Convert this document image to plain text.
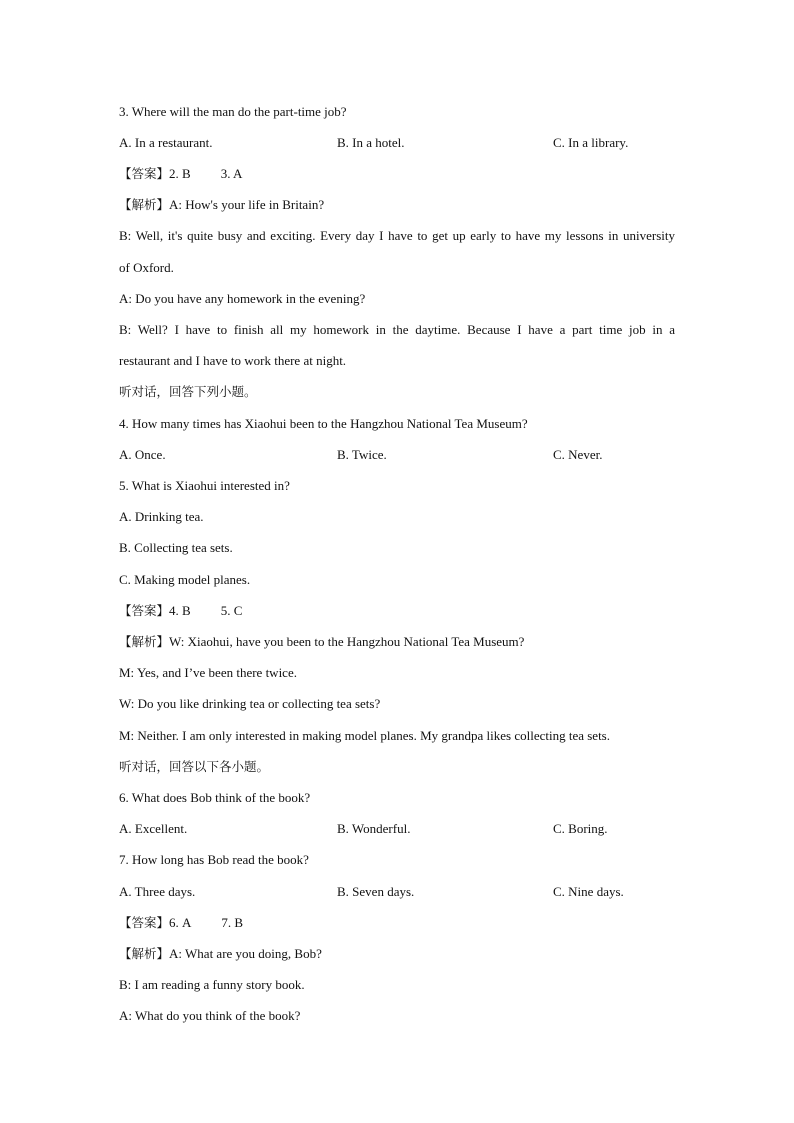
3. Where will the man do the part-time job?
A. In a restaurant.	B. In a hotel.	C. In a library.
【答案】2. B 3. A
【解析】A: How's your life in Britain?
B: Well, it's quite busy and exciting. Every day I have to get up early to have my lessons in university
of Oxford.
A: Do you have any homework in the evening?
B: Well? I have to finish all my homework in the daytime. Because I have a part time job in a
restaurant and I have to work there at night.
听对话，回答下列小题。
4. How many times has Xiaohui been to the Hangzhou National Tea Museum?
A. Once.	B. Twice.	C. Never.
5. What is Xiaohui interested in?
A. Drinking tea.
B. Collecting tea sets.
C. Making model planes.
【答案】4. B 5. C
【解析】W: Xiaohui, have you been to the Hangzhou National Tea Museum?
M: Yes, and I’ve been there twice.
W: Do you like drinking tea or collecting tea sets?
M: Neither. I am only interested in making model planes. My grandpa likes collecting tea sets.
听对话，回答以下各小题。
6. What does Bob think of the book?
A. Excellent.	B. Wonderful.	C. Boring.
7. How long has Bob read the book?
A. Three days.	B. Seven days.	C. Nine days.
【答案】6. A 7. B
【解析】A: What are you doing, Bob?
B: I am reading a funny story book.
A: What do you think of the book?
